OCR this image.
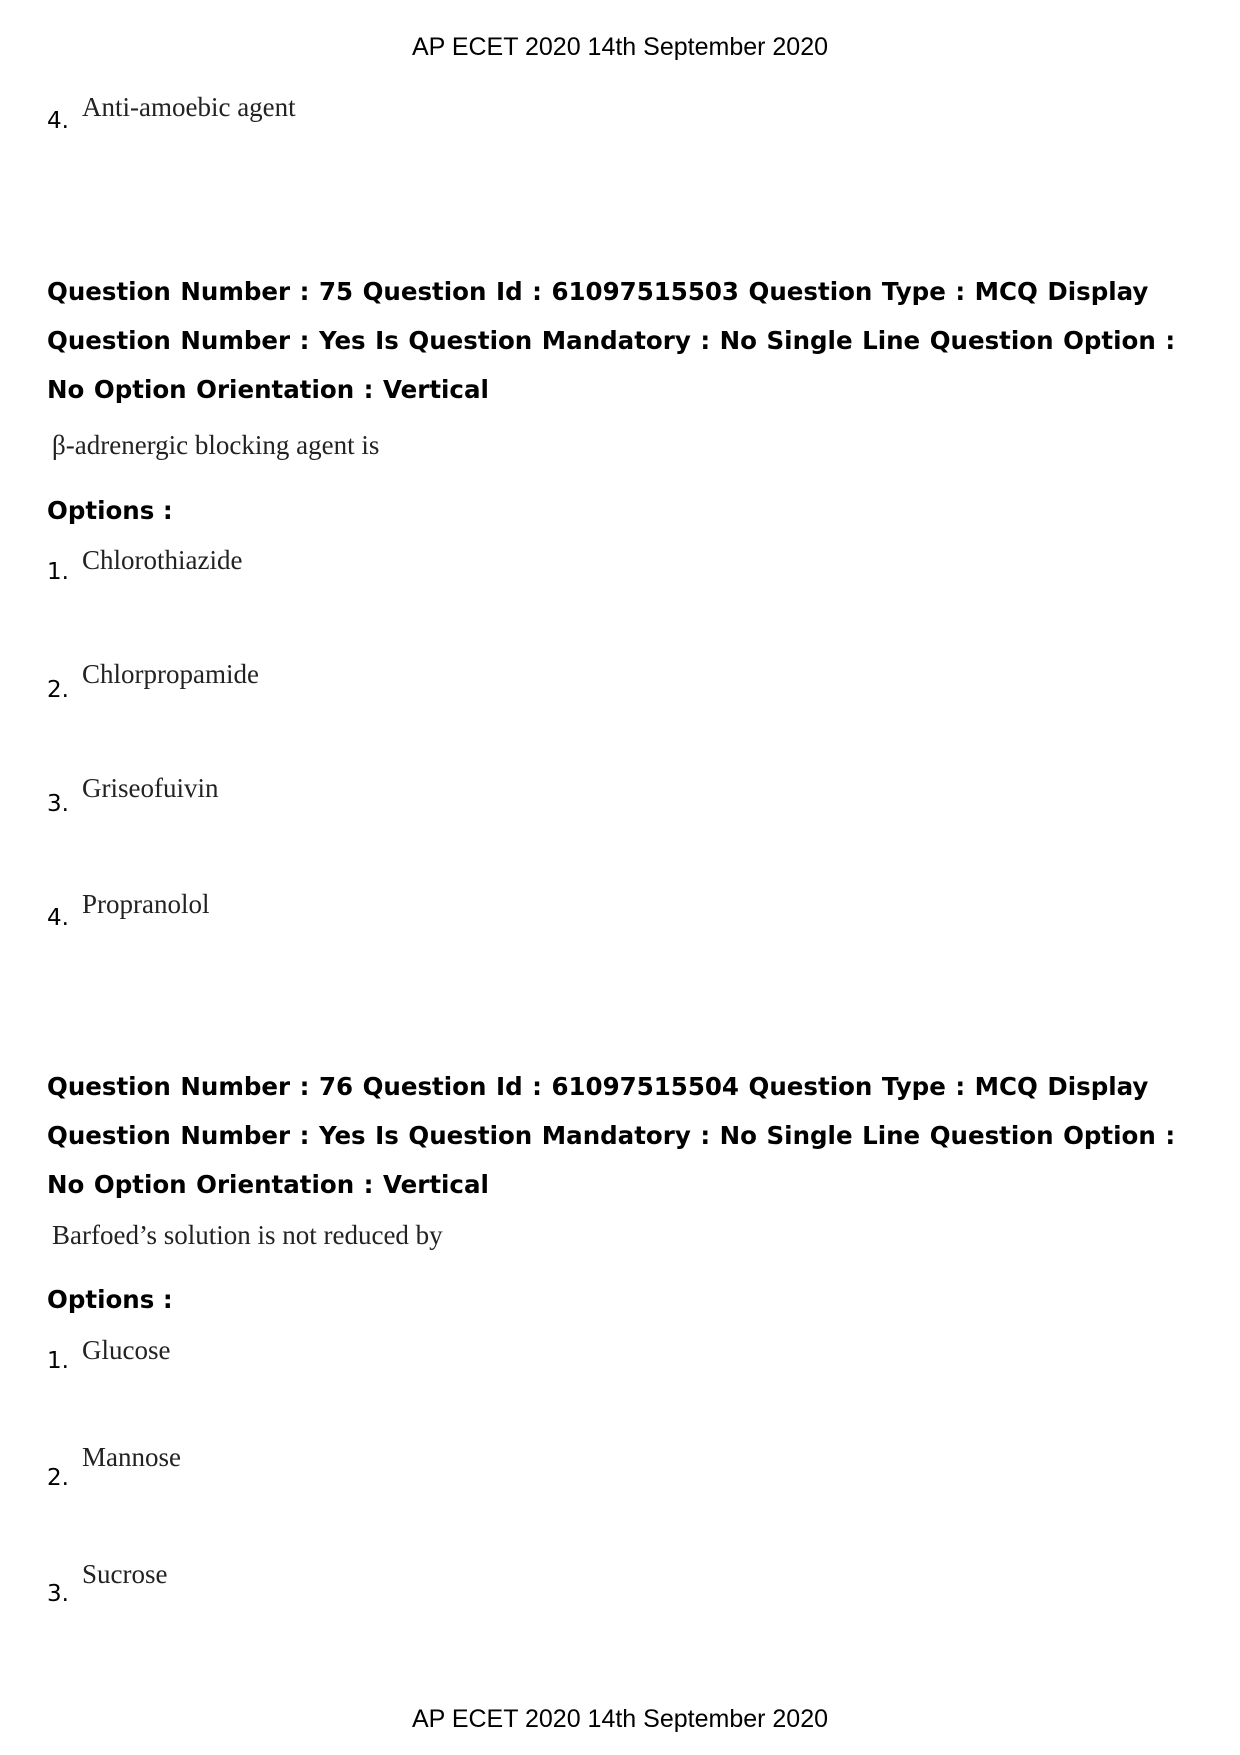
AP ECET 2020 14th September 2020
4. Anti-amoebic agent
Question Number : 75 Question Id : 61097515503 Question Type : MCQ Display Question Number : Yes Is Question Mandatory : No Single Line Question Option : No Option Orientation : Vertical
β-adrenergic blocking agent is
Options :
1. Chlorothiazide
2.
Chlorpropamide
3.
Griseofuivin
4. Propranolol
Question Number : 76 Question Id : 61097515504 Question Type : MCQ Display Question Number : Yes Is Question Mandatory : No Single Line Question Option : No Option Orientation : Vertical
Barfoed’s solution is not reduced by
Options :
1. Glucose
2.
Mannose
3.
Sucrose
AP ECET 2020 14th September 2020
